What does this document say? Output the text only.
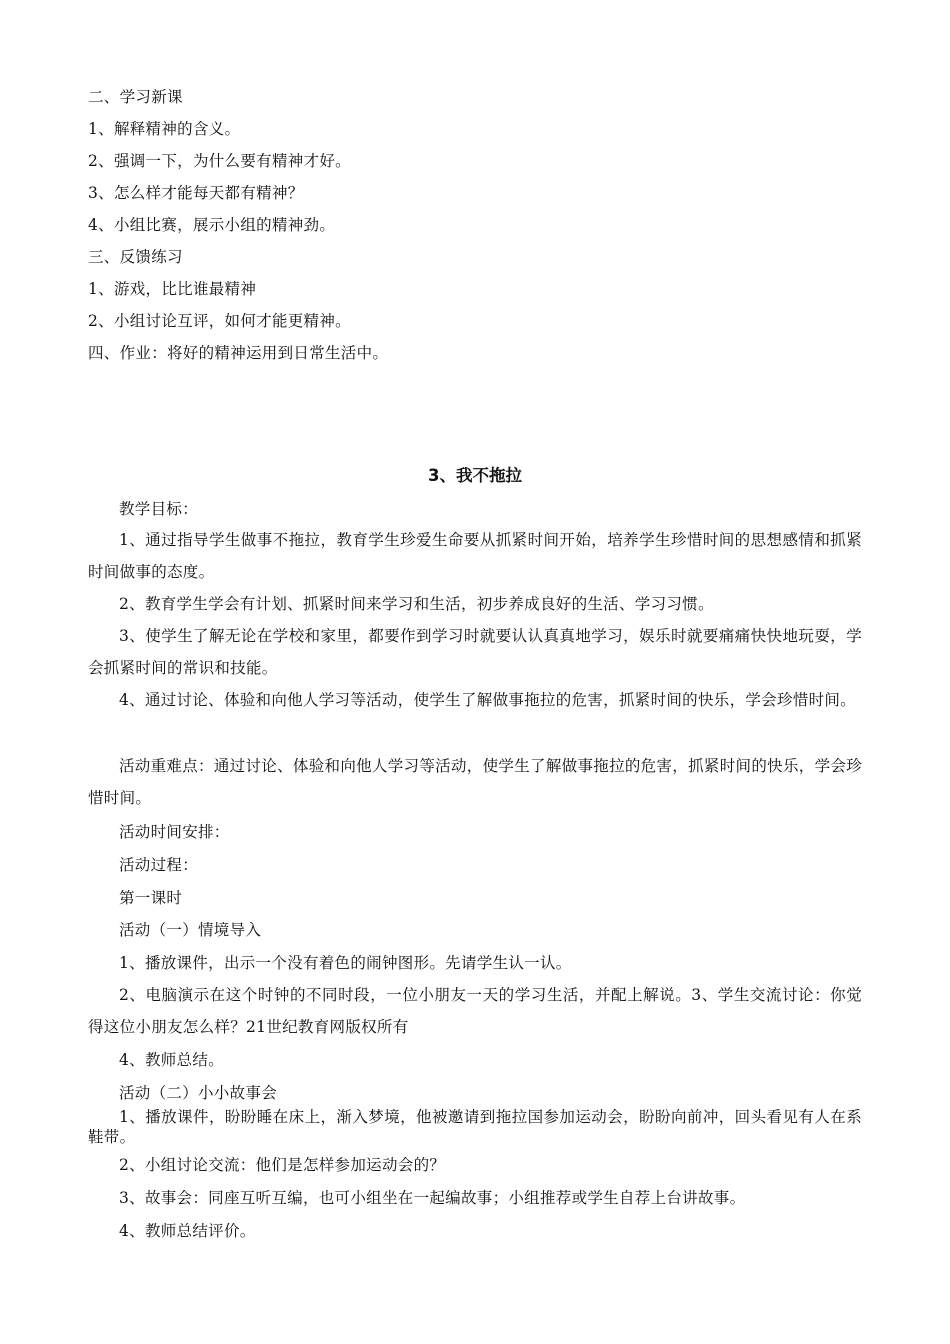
二、学习新课
1、解释精神的含义。
2、强调一下，为什么要有精神才好。
3、怎么样才能每天都有精神？
4、小组比赛，展示小组的精神劲。
三、反馈练习
1、游戏，比比谁最精神
2、小组讨论互评，如何才能更精神。
四、作业：将好的精神运用到日常生活中。
3、我不拖拉
教学目标：
1、通过指导学生做事不拖拉，教育学生珍爱生命要从抓紧时间开始，培养学生珍惜时间的思想感情和抓紧时间做事的态度。
2、教育学生学会有计划、抓紧时间来学习和生活，初步养成良好的生活、学习习惯。
3、使学生了解无论在学校和家里，都要作到学习时就要认认真真地学习，娱乐时就要痛痛快快地玩耍，学会抓紧时间的常识和技能。
4、通过讨论、体验和向他人学习等活动，使学生了解做事拖拉的危害，抓紧时间的快乐，学会珍惜时间。
活动重难点：通过讨论、体验和向他人学习等活动，使学生了解做事拖拉的危害，抓紧时间的快乐，学会珍惜时间。
活动时间安排：
活动过程：
第一课时
活动（一）情境导入
1、播放课件，出示一个没有着色的闹钟图形。先请学生认一认。
2、电脑演示在这个时钟的不同时段，一位小朋友一天的学习生活，并配上解说。3、学生交流讨论：你觉得这位小朋友怎么样？21世纪教育网版权所有
4、教师总结。
活动（二）小小故事会
1、播放课件，盼盼睡在床上，渐入梦境，他被邀请到拖拉国参加运动会，盼盼向前冲，回头看见有人在系鞋带。
2、小组讨论交流：他们是怎样参加运动会的？
3、故事会：同座互听互编，也可小组坐在一起编故事；小组推荐或学生自荐上台讲故事。
4、教师总结评价。
